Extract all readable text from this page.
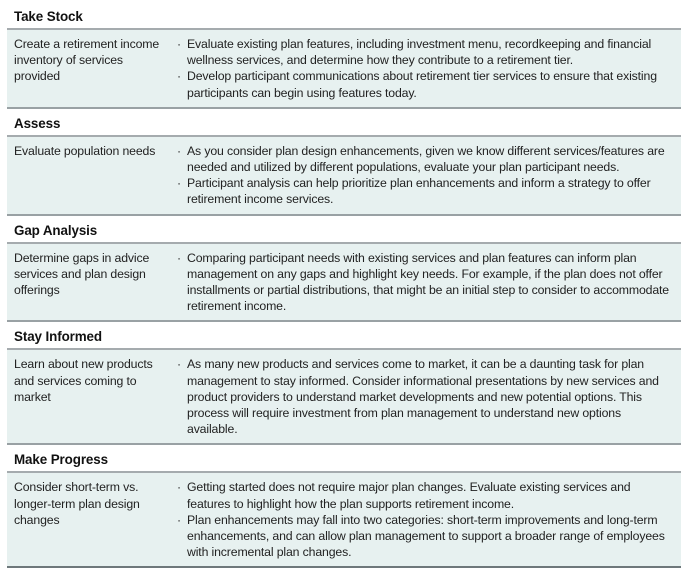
Take Stock
Create a retirement income inventory of services provided
· Evaluate existing plan features, including investment menu, recordkeeping and financial wellness services, and determine how they contribute to a retirement tier.
· Develop participant communications about retirement tier services to ensure that existing participants can begin using features today.
Assess
Evaluate population needs	· As you consider plan design enhancements, given we know different services/features are needed and utilized by different populations, evaluate your plan participant needs.
· Participant analysis can help prioritize plan enhancements and inform a strategy to offer retirement income services.
Gap Analysis
Determine gaps in advice services and plan design offerings
· Comparing participant needs with existing services and plan features can inform plan management on any gaps and highlight key needs. For example, if the plan does not offer installments or partial distributions, that might be an initial step to consider to accommodate retirement income.
Stay Informed
Learn about new products and services coming to market
· As many new products and services come to market, it can be a daunting task for plan management to stay informed. Consider informational presentations by new services and product providers to understand market developments and new potential options. This process will require investment from plan management to understand new options available.
Make Progress
Consider short-term vs. longer-term plan design changes
· Getting started does not require major plan changes. Evaluate existing services and features to highlight how the plan supports retirement income.
· Plan enhancements may fall into two categories: short-term improvements and long-term enhancements, and can allow plan management to support a broader range of employees with incremental plan changes.
